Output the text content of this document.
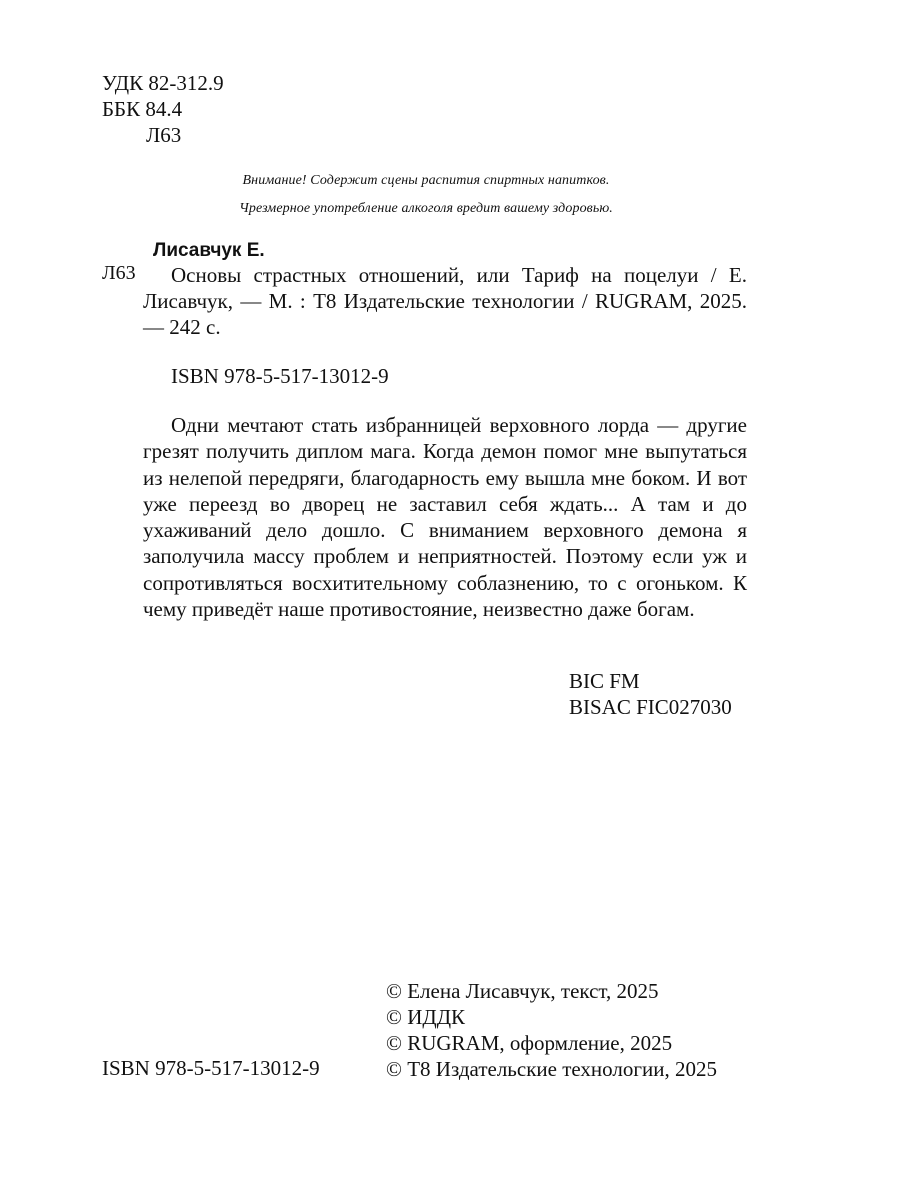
УДК 82-312.9
ББК 84.4
Л63
Внимание! Содержит сцены распития спиртных напитков.
Чрезмерное употребление алкоголя вредит вашему здоровью.
Лисавчук Е.
Л63	Основы страстных отношений, или Тариф на поцелуи / Е. Лисавчук, — М. : Т8 Издательские технологии / RUGRAM, 2025. — 242 с.
ISBN 978-5-517-13012-9
Одни мечтают стать избранницей верховного лорда — другие грезят получить диплом мага. Когда демон помог мне выпутаться из нелепой передряги, благодарность ему вышла мне боком. И вот уже переезд во дворец не заставил себя ждать... А там и до ухаживаний дело дошло. С вниманием верховного демона я заполучила массу проблем и неприятностей. Поэтому если уж и сопротивляться восхитительному соблазнению, то с огоньком. К чему приведёт наше противостояние, неизвестно даже богам.
BIC FM
BISAC FIC027030
ISBN 978-5-517-13012-9
© Елена Лисавчук, текст, 2025
© ИДДК
© RUGRAM, оформление, 2025
© Т8 Издательские технологии, 2025
